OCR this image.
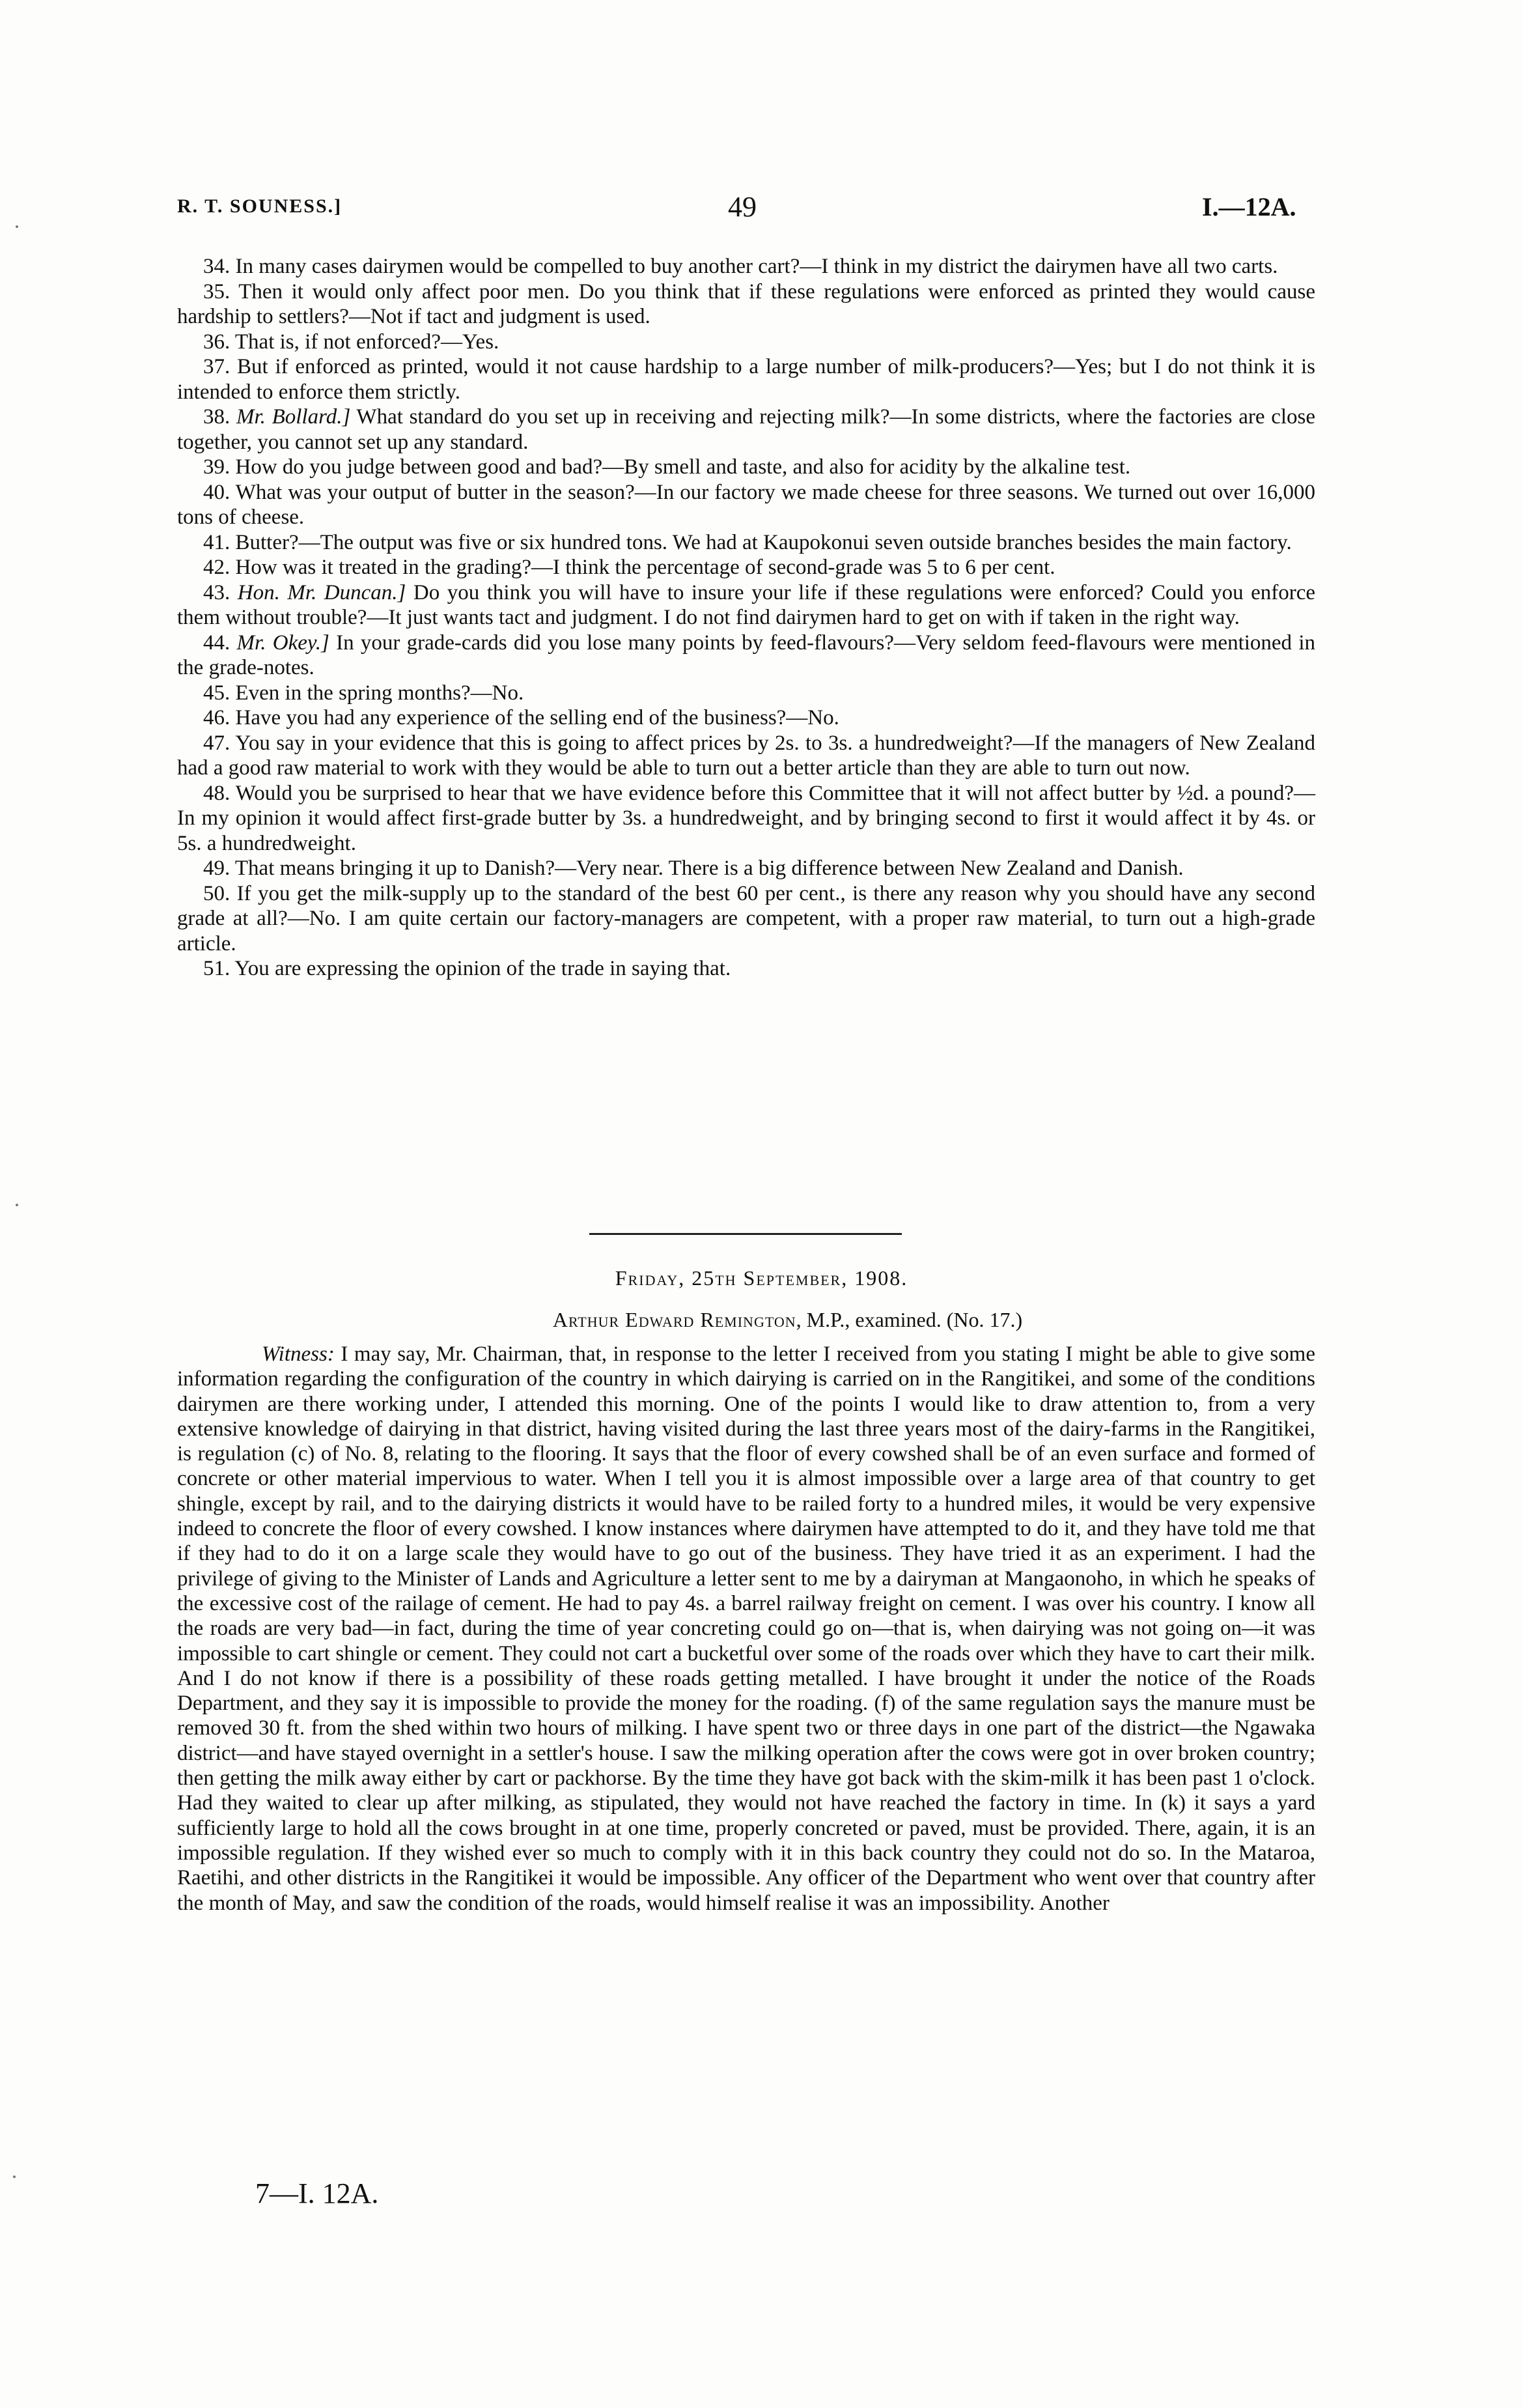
R. T. SOUNESS.]	49	I.—12A.

34. In many cases dairymen would be compelled to buy another cart?—I think in my district the dairymen have all two carts.

35. Then it would only affect poor men. Do you think that if these regulations were enforced as printed they would cause hardship to settlers?—Not if tact and judgment is used.

36. That is, if not enforced?—Yes.

37. But if enforced as printed, would it not cause hardship to a large number of milk-producers?—Yes; but I do not think it is intended to enforce them strictly.

38. Mr. Bollard.] What standard do you set up in receiving and rejecting milk?—In some districts, where the factories are close together, you cannot set up any standard.

39. How do you judge between good and bad?—By smell and taste, and also for acidity by the alkaline test.

40. What was your output of butter in the season?—In our factory we made cheese for three seasons. We turned out over 16,000 tons of cheese.

41. Butter?—The output was five or six hundred tons. We had at Kaupokonui seven outside branches besides the main factory.

42. How was it treated in the grading?—I think the percentage of second-grade was 5 to 6 per cent.

43. Hon. Mr. Duncan.] Do you think you will have to insure your life if these regulations were enforced? Could you enforce them without trouble?—It just wants tact and judgment. I do not find dairymen hard to get on with if taken in the right way.

44. Mr. Okey.] In your grade-cards did you lose many points by feed-flavours?—Very seldom feed-flavours were mentioned in the grade-notes.

45. Even in the spring months?—No.

46. Have you had any experience of the selling end of the business?—No.

47. You say in your evidence that this is going to affect prices by 2s. to 3s. a hundredweight?—If the managers of New Zealand had a good raw material to work with they would be able to turn out a better article than they are able to turn out now.

48. Would you be surprised to hear that we have evidence before this Committee that it will not affect butter by ½d. a pound?—In my opinion it would affect first-grade butter by 3s. a hundredweight, and by bringing second to first it would affect it by 4s. or 5s. a hundredweight.

49. That means bringing it up to Danish?—Very near. There is a big difference between New Zealand and Danish.

50. If you get the milk-supply up to the standard of the best 60 per cent., is there any reason why you should have any second grade at all?—No. I am quite certain our factory-managers are competent, with a proper raw material, to turn out a high-grade article.

51. You are expressing the opinion of the trade in saying that.

Friday, 25th September, 1908.
Arthur Edward Remington, M.P., examined. (No. 17.)

Witness: I may say, Mr. Chairman, that, in response to the letter I received from you stating I might be able to give some information regarding the configuration of the country in which dairying is carried on in the Rangitikei, and some of the conditions dairymen are there working under, I attended this morning. One of the points I would like to draw attention to, from a very extensive knowledge of dairying in that district, having visited during the last three years most of the dairy-farms in the Rangitikei, is regulation (c) of No. 8, relating to the flooring. It says that the floor of every cowshed shall be of an even surface and formed of concrete or other material impervious to water. When I tell you it is almost impossible over a large area of that country to get shingle, except by rail, and to the dairying districts it would have to be railed forty to a hundred miles, it would be very expensive indeed to concrete the floor of every cowshed. I know instances where dairymen have attempted to do it, and they have told me that if they had to do it on a large scale they would have to go out of the business. They have tried it as an experiment. I had the privilege of giving to the Minister of Lands and Agriculture a letter sent to me by a dairyman at Mangaonoho, in which he speaks of the excessive cost of the railage of cement. He had to pay 4s. a barrel railway freight on cement. I was over his country. I know all the roads are very bad—in fact, during the time of year concreting could go on—that is, when dairying was not going on—it was impossible to cart shingle or cement. They could not cart a bucketful over some of the roads over which they have to cart their milk. And I do not know if there is a possibility of these roads getting metalled. I have brought it under the notice of the Roads Department, and they say it is impossible to provide the money for the roading. (f) of the same regulation says the manure must be removed 30 ft. from the shed within two hours of milking. I have spent two or three days in one part of the district—the Ngawaka district—and have stayed overnight in a settler's house. I saw the milking operation after the cows were got in over broken country; then getting the milk away either by cart or packhorse. By the time they have got back with the skim-milk it has been past 1 o'clock. Had they waited to clear up after milking, as stipulated, they would not have reached the factory in time. In (k) it says a yard sufficiently large to hold all the cows brought in at one time, properly concreted or paved, must be provided. There, again, it is an impossible regulation. If they wished ever so much to comply with it in this back country they could not do so. In the Mataroa, Raetihi, and other districts in the Rangitikei it would be impossible. Any officer of the Department who went over that country after the month of May, and saw the condition of the roads, would himself realise it was an impossibility. Another

7—I. 12A.
